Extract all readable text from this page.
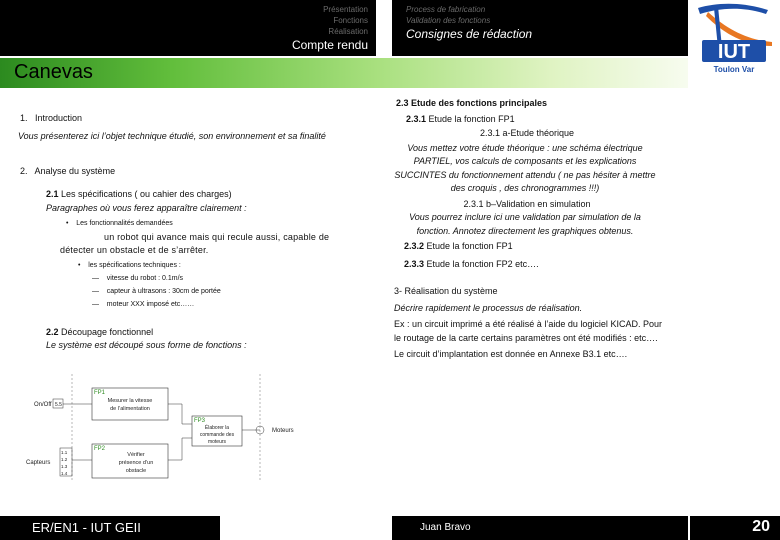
Présentation
Fonctions
Réalisation
Compte rendu
Process de fabrication
Validation des fonctions
Consignes de rédaction
IUT
Toulon Var
Canevas
1. Introduction
Vous présenterez ici l’objet technique étudié, son environnement et sa finalité
2. Analyse du système
2.1 Les spécifications ( ou cahier des charges)
Paragraphes où vous ferez apparaître clairement :
• Les fonctionnalités demandées
un robot qui avance mais qui recule aussi, capable de détecter un obstacle et de s’arrêter.
• les spécifications techniques :
—    vitesse du robot : 0.1m/s
—    capteur à ultrasons : 30cm de portée
—    moteur XXX imposé etc……
2.2 Découpage fonctionnel
Le système est découpé sous forme de fonctions :
FP1
Mesurer la vitesse
de l’alimentation
FP2
Vérifier
présence d’un
obstacle
FP3
Élaborer la
commande des
moteurs
On/Off 5.5
Capteurs
1.1
1.2
1.3
1.4
Moteurs
2.3 Etude des fonctions principales
2.3.1 Etude la fonction FP1
2.3.1 a-Etude théorique
Vous mettez votre étude théorique : une schéma électrique PARTIEL, vos calculs de composants et les explications SUCCINTES du fonctionnement attendu ( ne pas hésiter à mettre des croquis , des chronogrammes !!!)
2.3.1 b–Validation en simulation
Vous pourrez inclure ici une validation par simulation de la fonction. Annotez directement les graphiques obtenus.
2.3.2 Etude la fonction FP1
2.3.3 Etude la fonction FP2 etc….
3- Réalisation du système
Décrire rapidement le processus de réalisation.
Ex : un circuit imprimé a été réalisé à l’aide du logiciel KICAD. Pour le routage de la carte certains paramètres ont été modifiés : etc….
Le circuit d’implantation est donnée en Annexe B3.1 etc….
ER/EN1 - IUT GEII	Juan Bravo	20
